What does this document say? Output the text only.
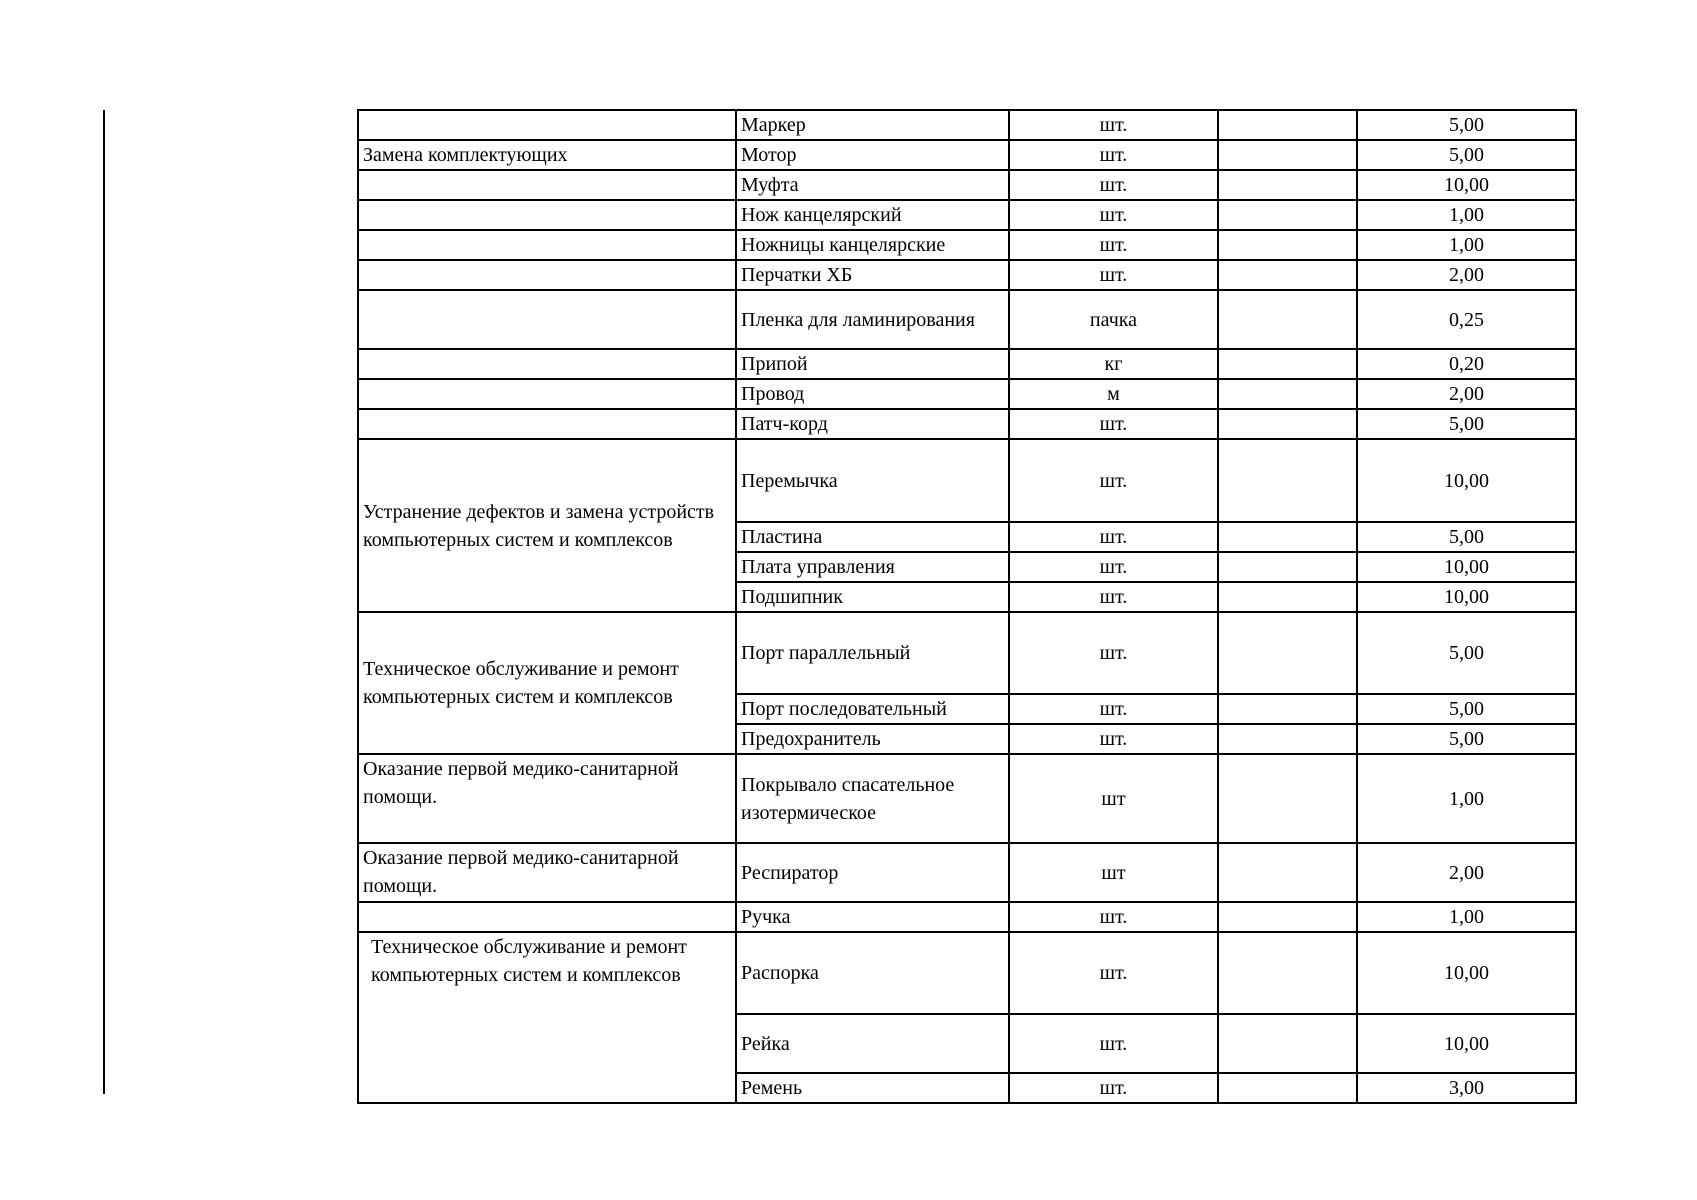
	Маркер	шт.		5,00
Замена комплектующих	Мотор	шт.		5,00
	Муфта	шт.		10,00
	Нож канцелярский	шт.		1,00
	Ножницы канцелярские	шт.		1,00
	Перчатки ХБ	шт.		2,00
	Пленка для ламинирования	пачка		0,25
	Припой	кг		0,20
	Провод	м		2,00
	Патч-корд	шт.		5,00
Устранение дефектов и замена устройств компьютерных систем и комплексов	Перемычка	шт.		10,00
	Пластина	шт.		5,00
	Плата управления	шт.		10,00
	Подшипник	шт.		10,00
Техническое обслуживание и ремонт компьютерных систем и комплексов	Порт параллельный	шт.		5,00
	Порт последовательный	шт.		5,00
	Предохранитель	шт.		5,00
Оказание первой медико-санитарной помощи.	Покрывало спасательное изотермическое	шт		1,00
Оказание первой медико-санитарной помощи.	Респиратор	шт		2,00
	Ручка	шт.		1,00
Техническое обслуживание и ремонт компьютерных систем и комплексов	Распорка	шт.		10,00
	Рейка	шт.		10,00
	Ремень	шт.		3,00
